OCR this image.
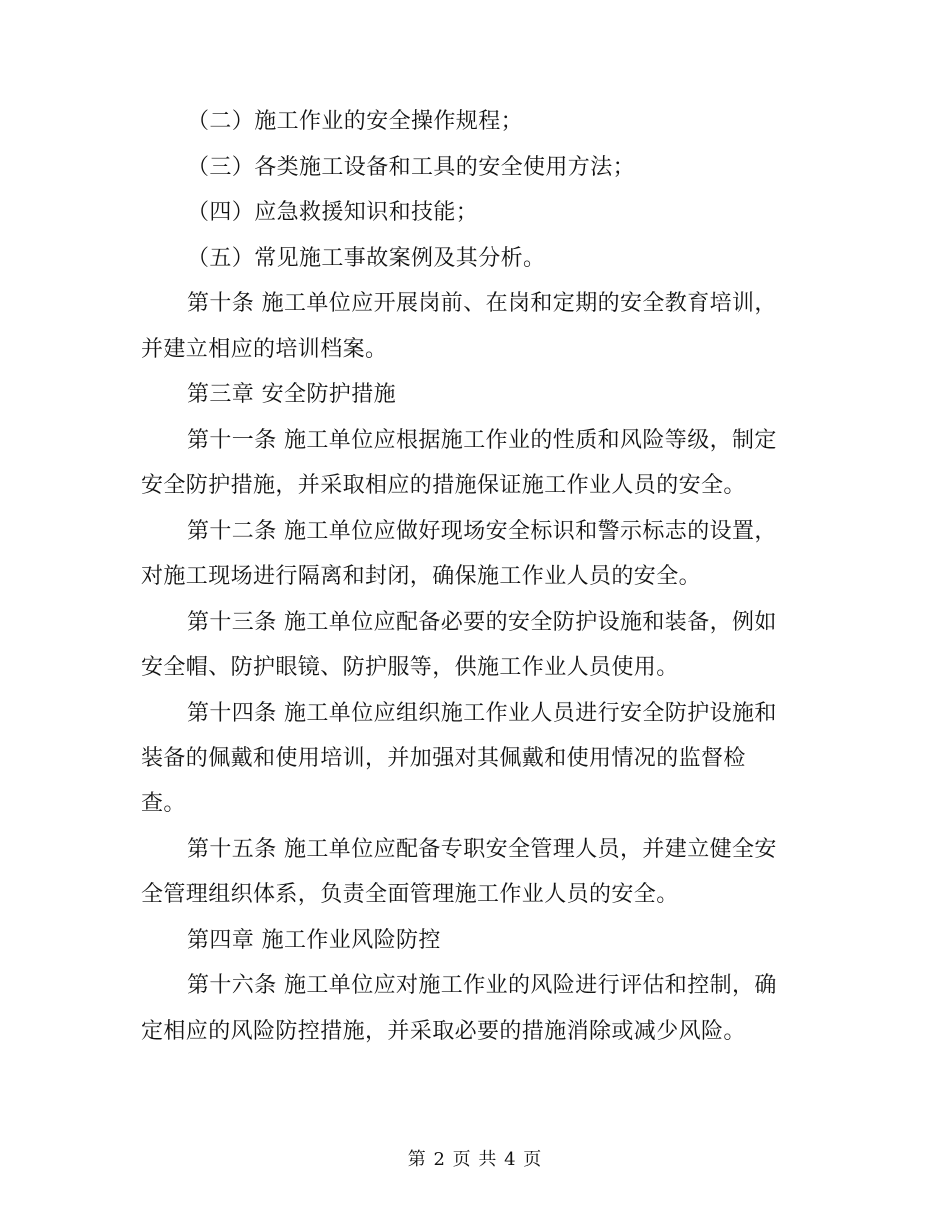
（二）施工作业的安全操作规程；
（三）各类施工设备和工具的安全使用方法；
（四）应急救援知识和技能；
（五）常见施工事故案例及其分析。
第十条 施工单位应开展岗前、在岗和定期的安全教育培训，
并建立相应的培训档案。
第三章 安全防护措施
第十一条 施工单位应根据施工作业的性质和风险等级，制定
安全防护措施，并采取相应的措施保证施工作业人员的安全。
第十二条 施工单位应做好现场安全标识和警示标志的设置，
对施工现场进行隔离和封闭，确保施工作业人员的安全。
第十三条 施工单位应配备必要的安全防护设施和装备，例如
安全帽、防护眼镜、防护服等，供施工作业人员使用。
第十四条 施工单位应组织施工作业人员进行安全防护设施和
装备的佩戴和使用培训，并加强对其佩戴和使用情况的监督检
查。
第十五条 施工单位应配备专职安全管理人员，并建立健全安
全管理组织体系，负责全面管理施工作业人员的安全。
第四章 施工作业风险防控
第十六条 施工单位应对施工作业的风险进行评估和控制，确
定相应的风险防控措施，并采取必要的措施消除或减少风险。
第 2 页 共 4 页
